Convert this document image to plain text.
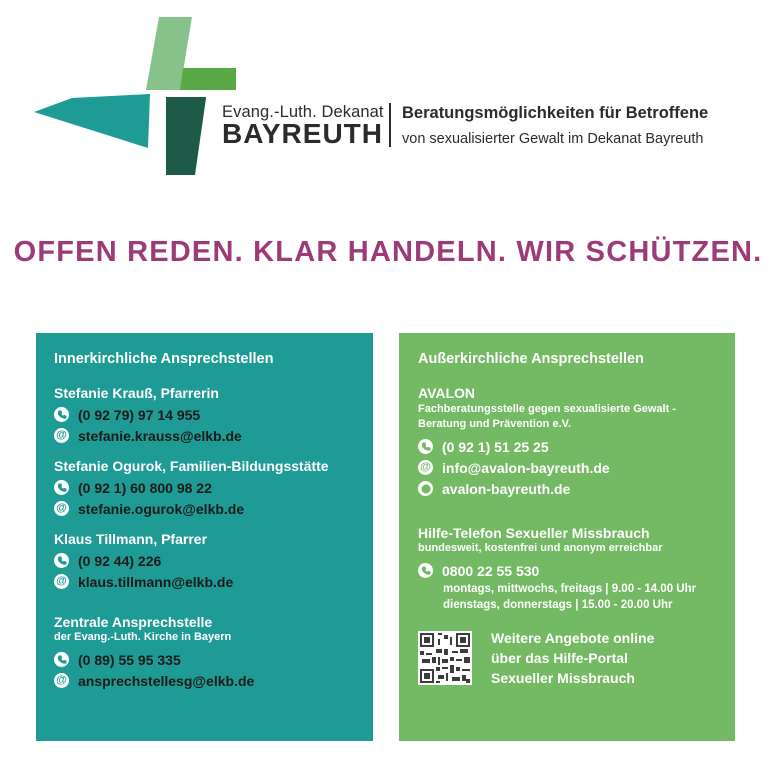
Evang.-Luth. Dekanat
BAYREUTH
Beratungsmöglichkeiten für Betroffene
von sexualisierter Gewalt im Dekanat Bayreuth
OFFEN REDEN. KLAR HANDELN. WIR SCHÜTZEN.
Innerkirchliche Ansprechstellen
Stefanie Krauß, Pfarrerin
(0 92 79) 97 14 955
@ stefanie.krauss@elkb.de
Stefanie Ogurok, Familien-Bildungsstätte
(0 92 1) 60 800 98 22
@ stefanie.ogurok@elkb.de
Klaus Tillmann, Pfarrer
(0 92 44) 226
@ klaus.tillmann@elkb.de
Zentrale Ansprechstelle
der Evang.-Luth. Kirche in Bayern
(0 89) 55 95 335
@ ansprechstellesg@elkb.de
Außerkirchliche Ansprechstellen
AVALON
Fachberatungsstelle gegen sexualisierte Gewalt -
Beratung und Prävention e.V.
(0 92 1) 51 25 25
@ info@avalon-bayreuth.de
avalon-bayreuth.de
Hilfe-Telefon Sexueller Missbrauch
bundesweit, kostenfrei und anonym erreichbar
0800 22 55 530
montags, mittwochs, freitags | 9.00 - 14.00 Uhr
dienstags, donnerstags | 15.00 - 20.00 Uhr
Weitere Angebote online
über das Hilfe-Portal
Sexueller Missbrauch
